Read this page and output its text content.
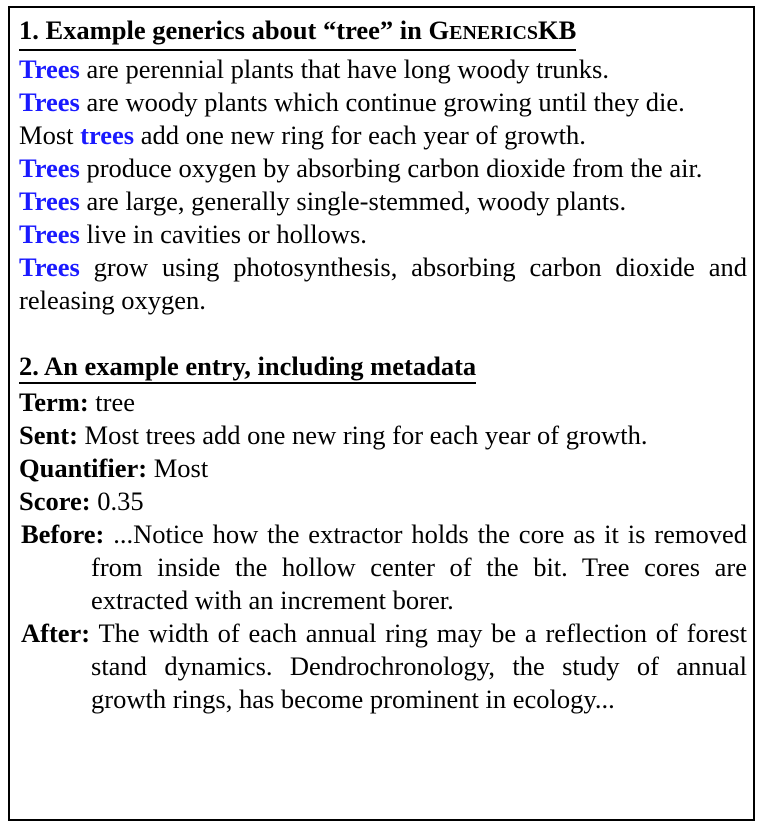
1. Example generics about “tree” in GENERICSKB

Trees are perennial plants that have long woody trunks.

Trees are woody plants which continue growing until they die.

Most trees add one new ring for each year of growth.

Trees produce oxygen by absorbing carbon dioxide from the air.

Trees are large, generally single-stemmed, woody plants.

Trees live in cavities or hollows.

Trees grow using photosynthesis, absorbing carbon dioxide and releasing oxygen.

2. An example entry, including metadata

Term: tree

Sent: Most trees add one new ring for each year of growth.

Quantifier: Most

Score: 0.35

Before: ...Notice how the extractor holds the core as it is removed from inside the hollow center of the bit. Tree cores are extracted with an increment borer.

After: The width of each annual ring may be a reflection of forest stand dynamics. Dendrochronology, the study of annual growth rings, has become prominent in ecology...
